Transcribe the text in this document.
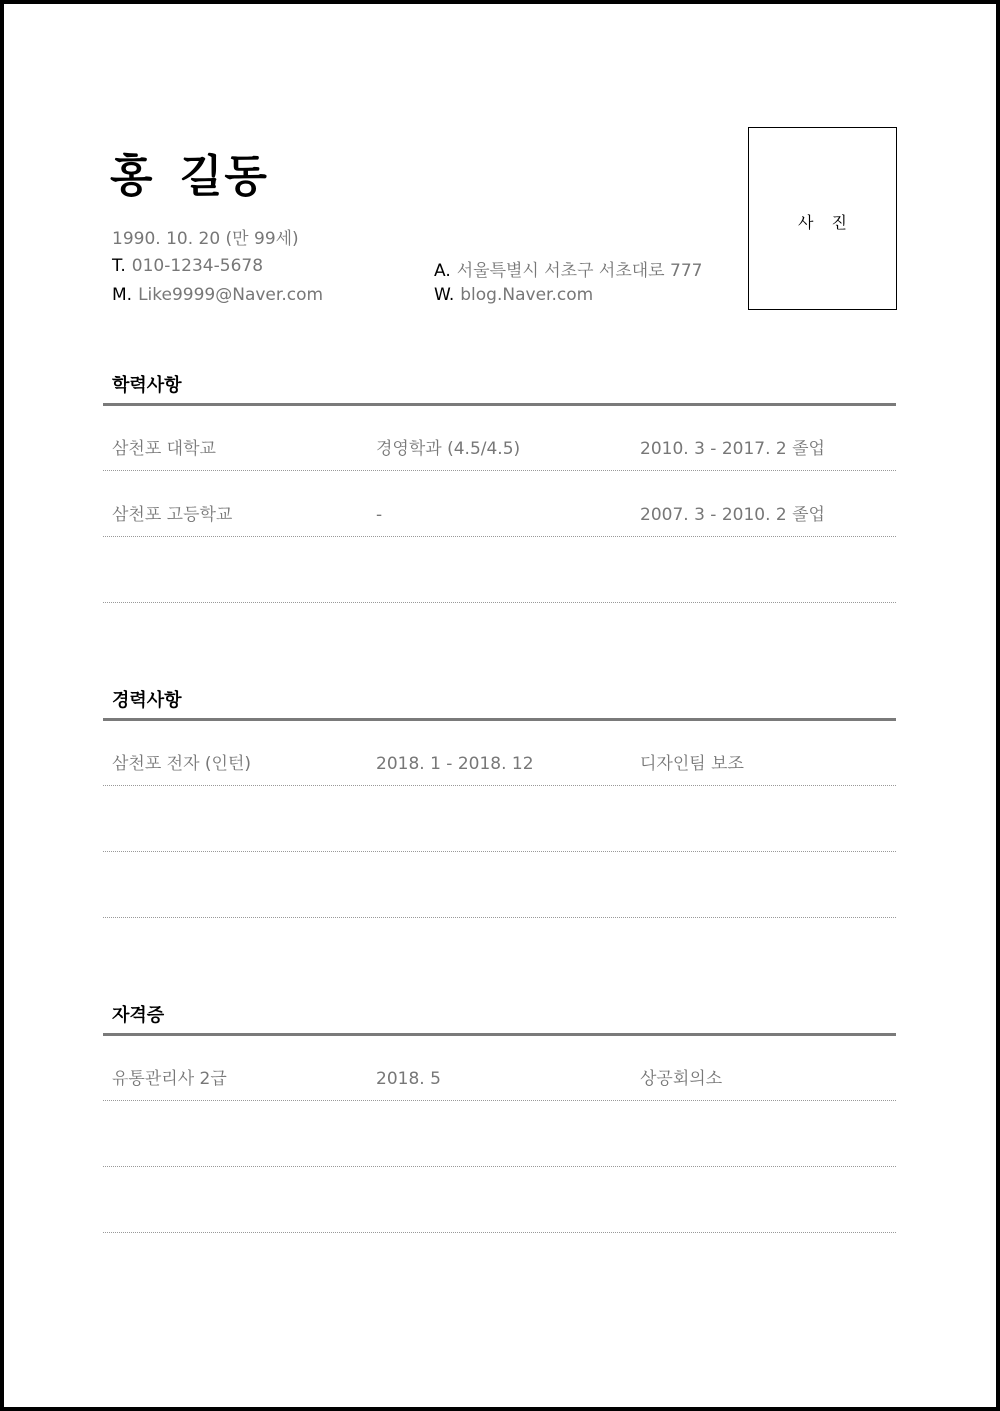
홍 길동
1990. 10. 20 (만 99세)
T. 010-1234-5678
M. Like9999@Naver.com
A. 서울특별시 서초구 서초대로 777
W. blog.Naver.com
사진
학력사항
삼천포 대학교	경영학과 (4.5/4.5)	2010. 3 - 2017. 2 졸업
삼천포 고등학교	-	2007. 3 - 2010. 2 졸업
경력사항
삼천포 전자 (인턴)	2018. 1 - 2018. 12	디자인팀 보조
자격증
유통관리사 2급	2018. 5	상공회의소
